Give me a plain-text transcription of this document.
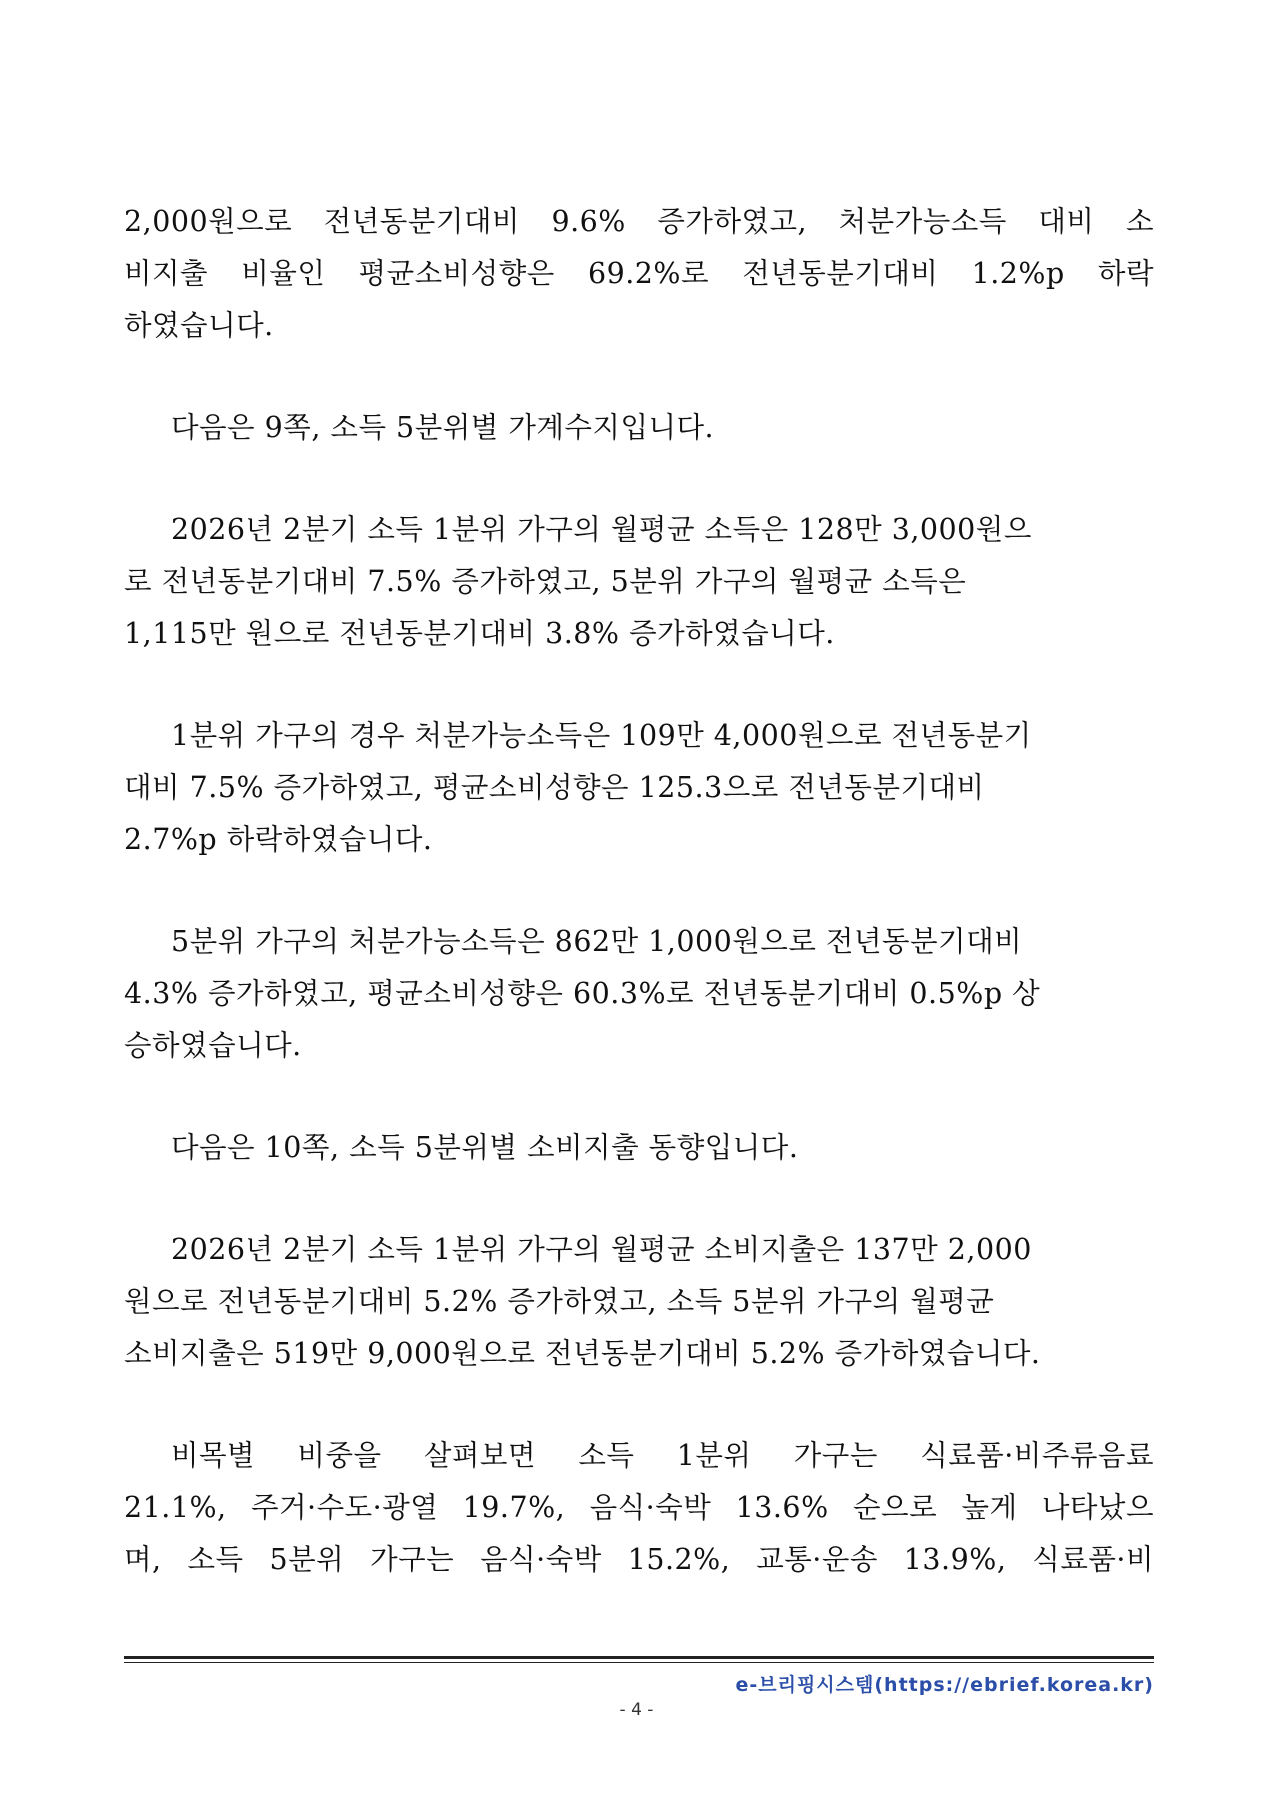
2,000원으로 전년동분기대비 9.6% 증가하였고, 처분가능소득 대비 소
비지출 비율인 평균소비성향은 69.2%로 전년동분기대비 1.2%p 하락
하였습니다.

다음은 9쪽, 소득 5분위별 가계수지입니다.

2026년 2분기 소득 1분위 가구의 월평균 소득은 128만 3,000원으
로 전년동분기대비 7.5% 증가하였고, 5분위 가구의 월평균 소득은
1,115만 원으로 전년동분기대비 3.8% 증가하였습니다.

1분위 가구의 경우 처분가능소득은 109만 4,000원으로 전년동분기
대비 7.5% 증가하였고, 평균소비성향은 125.3으로 전년동분기대비
2.7%p 하락하였습니다.

5분위 가구의 처분가능소득은 862만 1,000원으로 전년동분기대비
4.3% 증가하였고, 평균소비성향은 60.3%로 전년동분기대비 0.5%p 상
승하였습니다.

다음은 10쪽, 소득 5분위별 소비지출 동향입니다.

2026년 2분기 소득 1분위 가구의 월평균 소비지출은 137만 2,000
원으로 전년동분기대비 5.2% 증가하였고, 소득 5분위 가구의 월평균
소비지출은 519만 9,000원으로 전년동분기대비 5.2% 증가하였습니다.

비목별 비중을 살펴보면 소득 1분위 가구는 식료품·비주류음료
21.1%, 주거·수도·광열 19.7%, 음식·숙박 13.6% 순으로 높게 나타났으
며, 소득 5분위 가구는 음식·숙박 15.2%, 교통·운송 13.9%, 식료품·비

e-브리핑시스템(https://ebrief.korea.kr)
- 4 -
